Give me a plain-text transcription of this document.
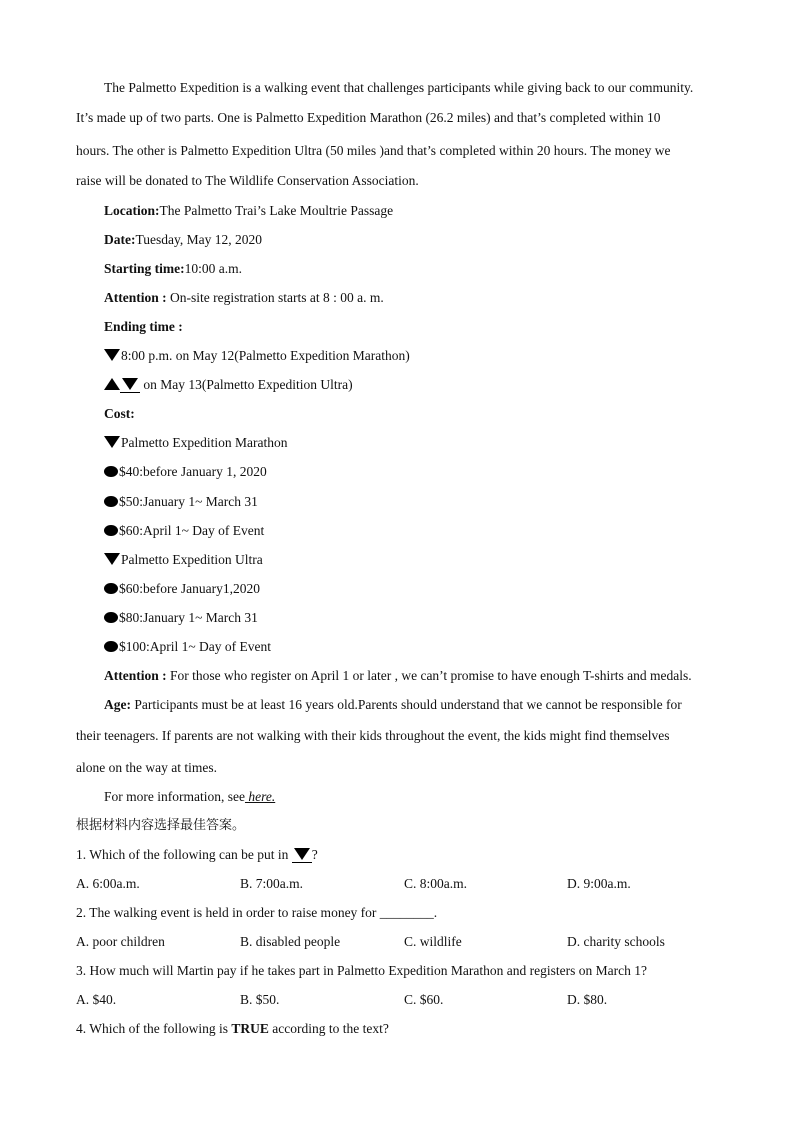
The Palmetto Expedition is a walking event that challenges participants while giving back to our community.
It’s made up of two parts. One is Palmetto Expedition Marathon (26.2 miles) and that’s completed within 10
hours. The other is Palmetto Expedition Ultra (50 miles )and that’s completed within 20 hours. The money we
raise will be donated to The Wildlife Conservation Association.
Location:The Palmetto Trai’s Lake Moultrie Passage
Date:Tuesday, May 12, 2020
Starting time:10:00 a.m.
Attention : On-site registration starts at 8 : 00 a. m.
Ending time :
8:00 p.m. on May 12(Palmetto Expedition Marathon)
on May 13(Palmetto Expedition Ultra)
Cost:
Palmetto Expedition Marathon
$40:before January 1, 2020
$50:January 1~ March 31
$60:April 1~ Day of Event
Palmetto Expedition Ultra
$60:before January1,2020
$80:January 1~ March 31
$100:April 1~ Day of Event
Attention : For those who register on April 1 or later , we can’t promise to have enough T-shirts and medals.
Age: Participants must be at least 16 years old.Parents should understand that we cannot be responsible for
their teenagers. If parents are not walking with their kids throughout the event, the kids might find themselves
alone on the way at times.
For more information, see here.
根据材料内容选择最佳答案。
1. Which of the following can be put in
?
A. 6:00a.m.	B. 7:00a.m.	C. 8:00a.m.	D. 9:00a.m.
2. The walking event is held in order to raise money for ________.
A. poor children	B. disabled people	C. wildlife	D. charity schools
3. How much will Martin pay if he takes part in Palmetto Expedition Marathon and registers on March 1?
A. $40.	B. $50.	C. $60.	D. $80.
4. Which of the following is TRUE according to the text?
